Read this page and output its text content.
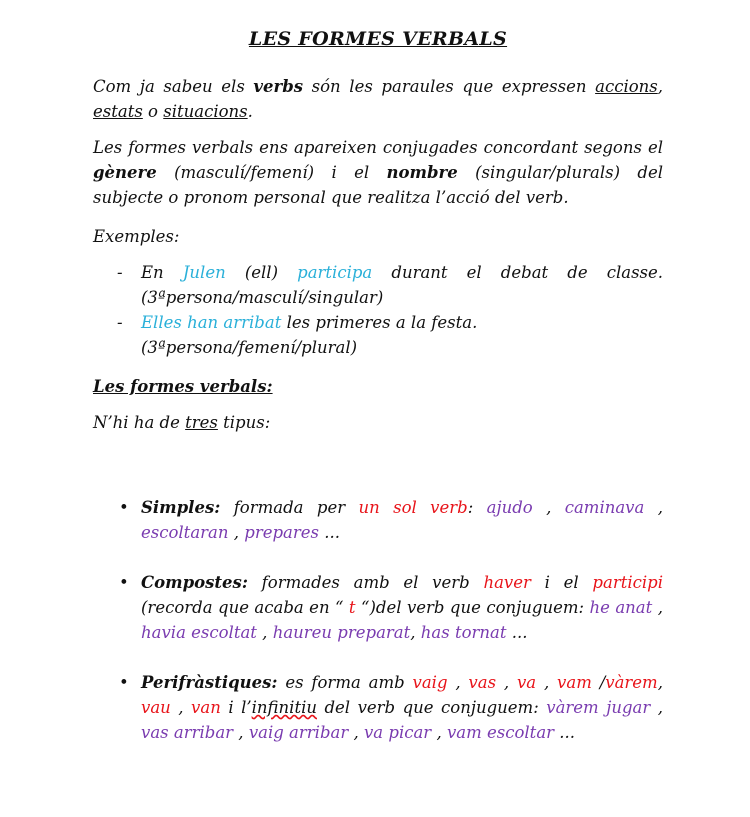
LES FORMES VERBALS

Com ja sabeu els verbs són les paraules que expressen accions, estats o situacions.

Les formes verbals ens apareixen conjugades concordant segons el gènere (masculí/femení) i el nombre (singular/plurals) del subjecte o pronom personal que realitza l’acció del verb.

Exemples:

- En Julen (ell) participa durant el debat de classe. (3ªpersona/masculí/singular)
- Elles han arribat les primeres a la festa. (3ªpersona/femení/plural)

Les formes verbals:

N’hi ha de tres tipus:

• Simples: formada per un sol verb: ajudo , caminava , escoltaran , prepares ...
• Compostes: formades amb el verb haver i el participi (recorda que acaba en “ t “)del verb que conjuguem: he anat , havia escoltat , haureu preparat, has tornat ...
• Perifràstiques: es forma amb vaig , vas , va , vam /vàrem, vau , van i l’infinitiu del verb que conjuguem: vàrem jugar , vas arribar , vaig arribar , va picar , vam escoltar ...
